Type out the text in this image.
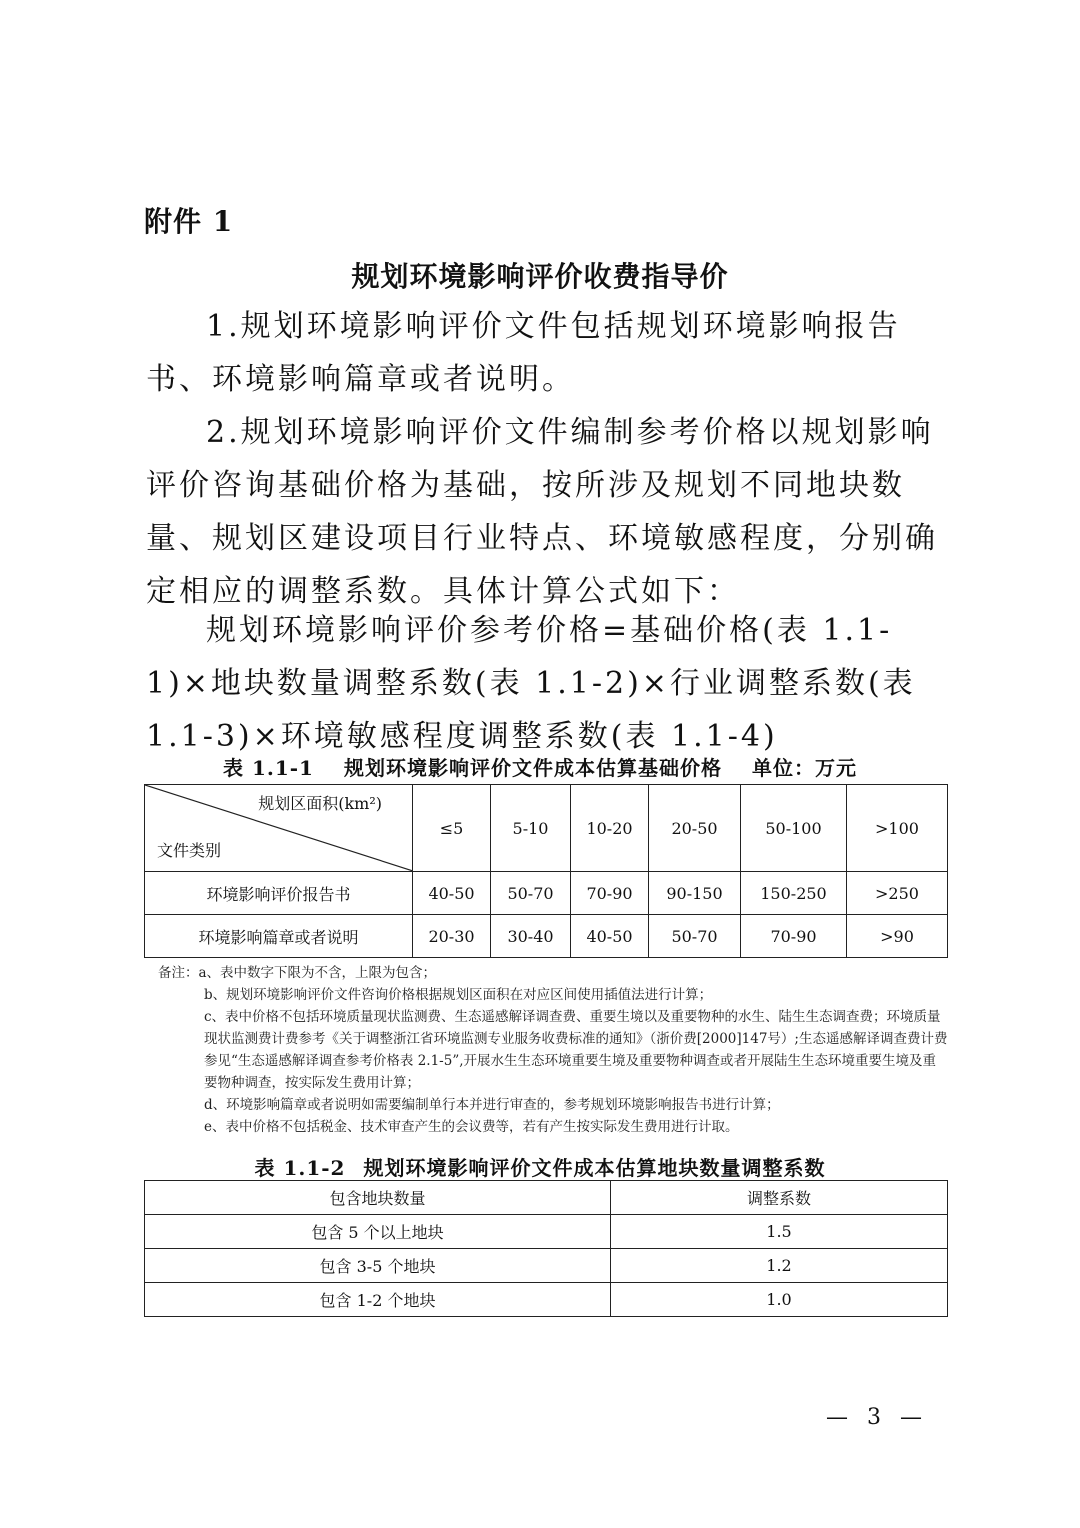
附件 1
规划环境影响评价收费指导价

1.规划环境影响评价文件包括规划环境影响报告书、环境影响篇章或者说明。

2.规划环境影响评价文件编制参考价格以规划影响评价咨询基础价格为基础，按所涉及规划不同地块数量、规划区建设项目行业特点、环境敏感程度，分别确定相应的调整系数。具体计算公式如下：

规划环境影响评价参考价格=基础价格(表 1.1-1)×地块数量调整系数(表 1.1-2)×行业调整系数(表 1.1-3)×环境敏感程度调整系数(表 1.1-4)

表 1.1-1 规划环境影响评价文件成本估算基础价格 单位：万元
规划区面积(km²)
文件类别	≤5	5-10	10-20	20-50	50-100	>100
环境影响评价报告书	40-50	50-70	70-90	90-150	150-250	>250
环境影响篇章或者说明	20-30	30-40	40-50	50-70	70-90	>90

备注：a、表中数字下限为不含，上限为包含；

b、规划环境影响评价文件咨询价格根据规划区面积在对应区间使用插值法进行计算；

c、表中价格不包括环境质量现状监测费、生态遥感解译调查费、重要生境以及重要物种的水生、陆生生态调查费；环境质量现状监测费计费参考《关于调整浙江省环境监测专业服务收费标准的通知》（浙价费[2000]147号）;生态遥感解译调查费计费参见“生态遥感解译调查参考价格表 2.1-5”,开展水生生态环境重要生境及重要物种调查或者开展陆生生态环境重要生境及重要物种调查，按实际发生费用计算；

d、环境影响篇章或者说明如需要编制单行本并进行审查的，参考规划环境影响报告书进行计算；

e、表中价格不包括税金、技术审查产生的会议费等，若有产生按实际发生费用进行计取。

表 1.1-2 规划环境影响评价文件成本估算地块数量调整系数
包含地块数量	调整系数
包含 5 个以上地块	1.5
包含 3-5 个地块	1.2
包含 1-2 个地块	1.0
— 3 —
